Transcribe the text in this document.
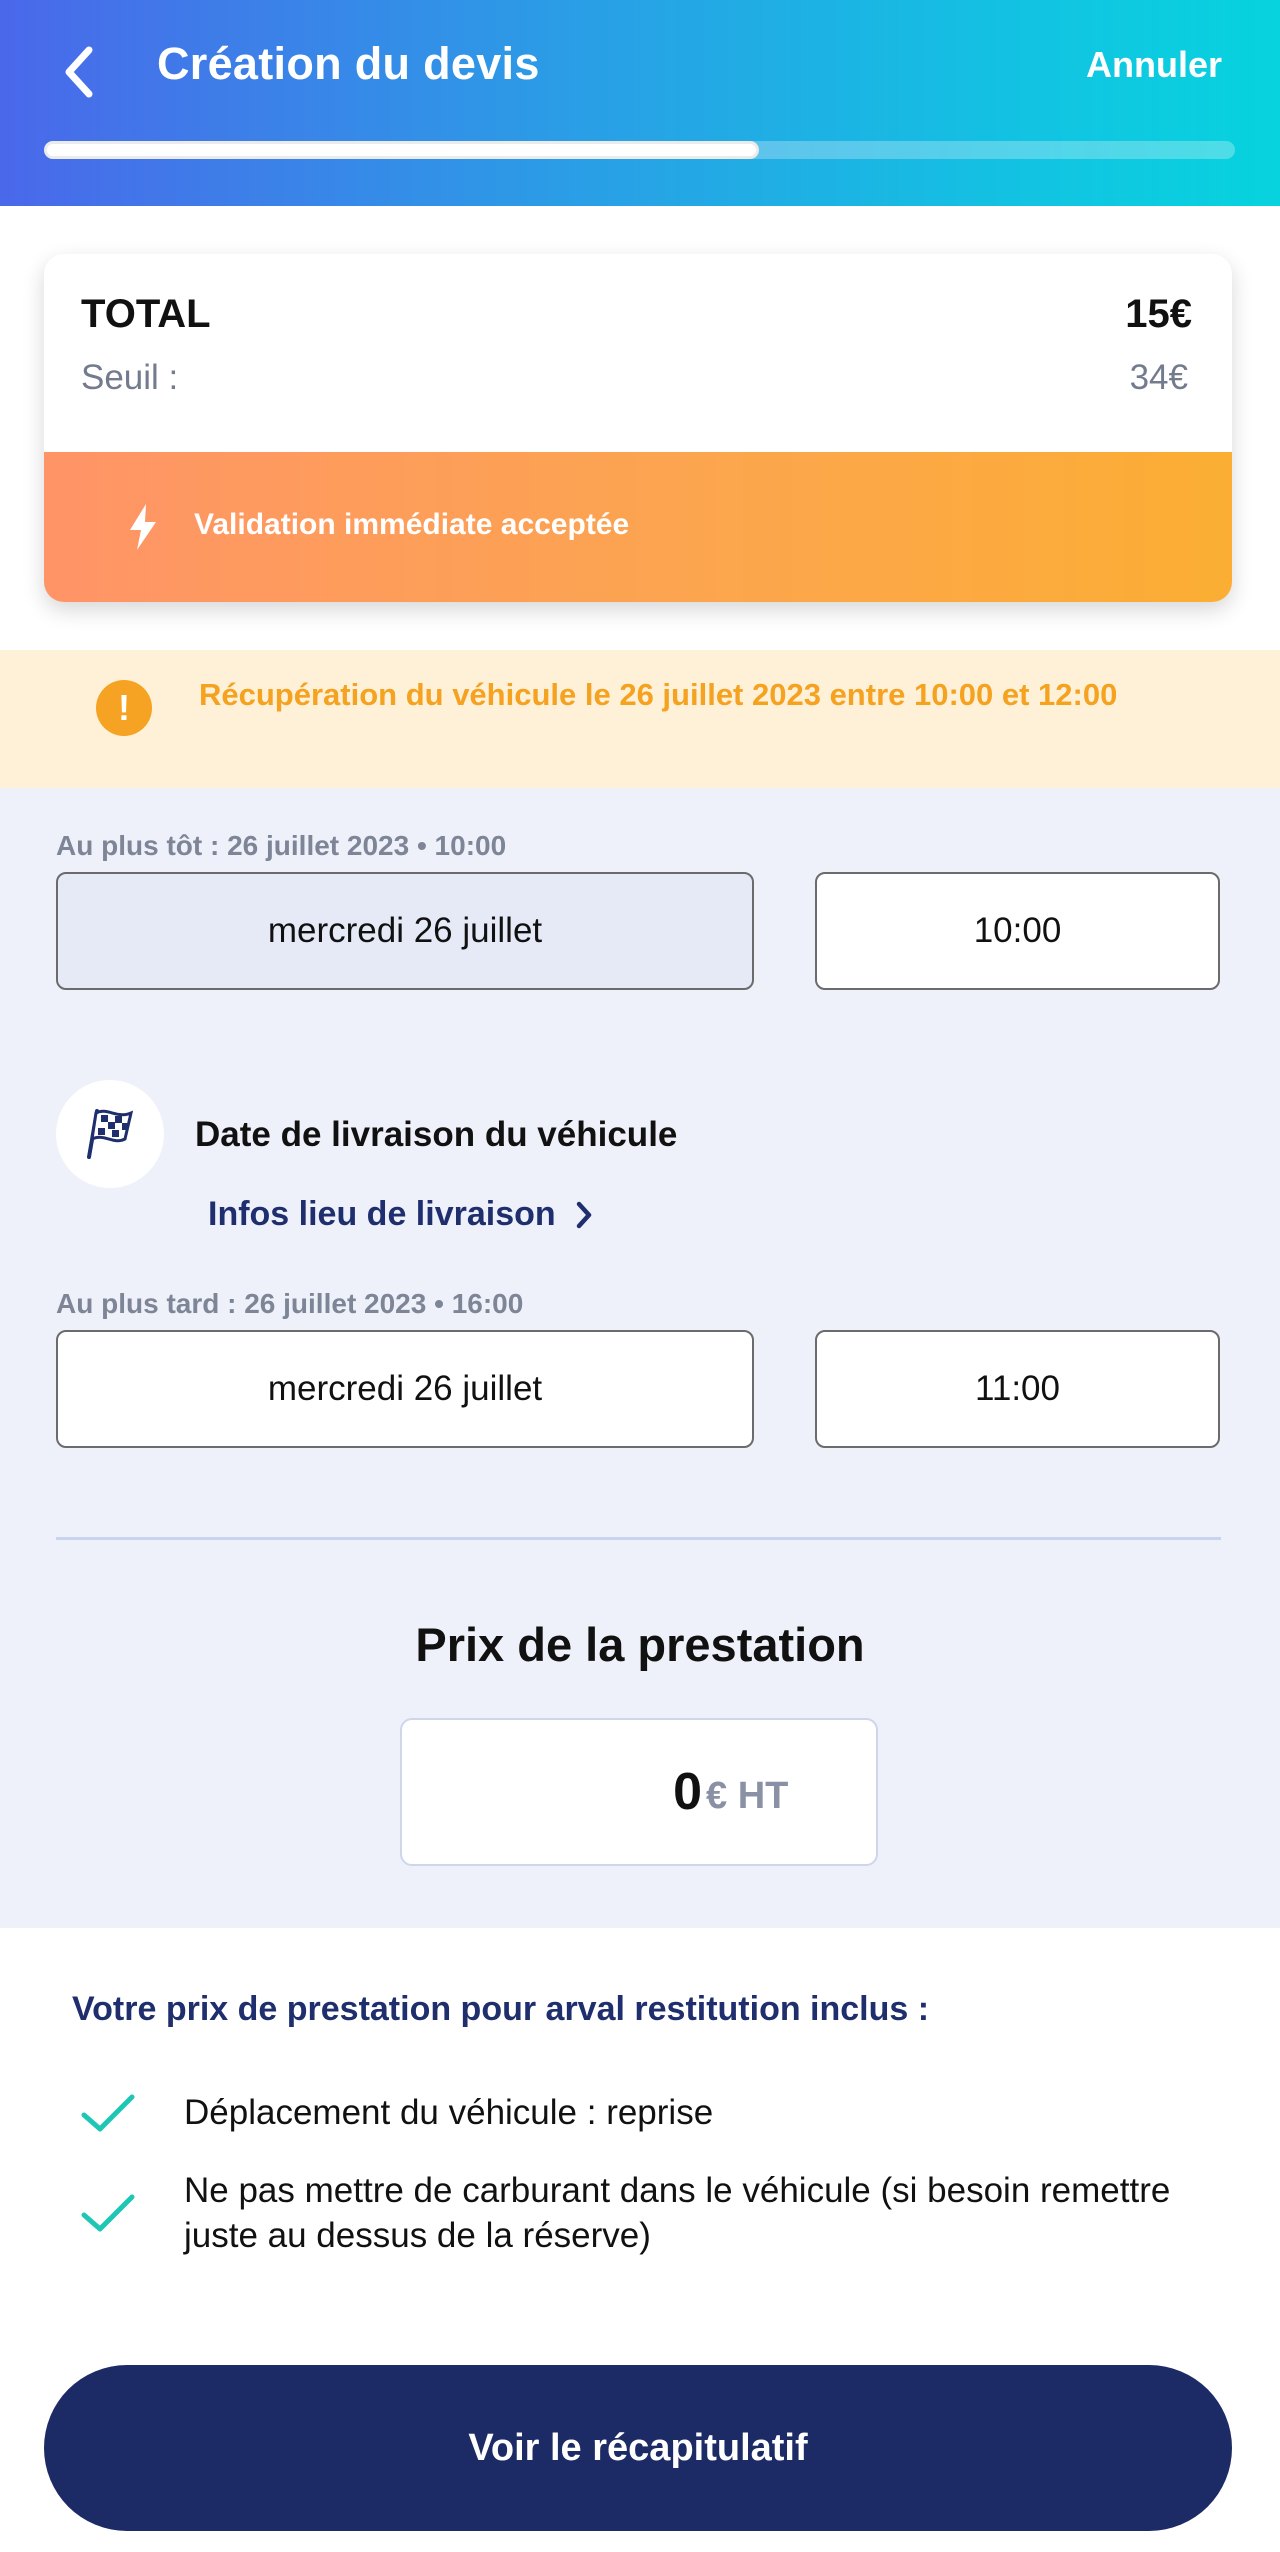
Création du devis	Annuler
TOTAL	15€
Seuil :	34€
Validation immédiate acceptée
!	Récupération du véhicule le 26 juillet 2023 entre 10:00 et 12:00
Au plus tôt : 26 juillet 2023 • 10:00
mercredi 26 juillet	10:00
Date de livraison du véhicule
Infos lieu de livraison
Au plus tard : 26 juillet 2023 • 16:00
mercredi 26 juillet	11:00
Prix de la prestation
0 € HT
Votre prix de prestation pour arval restitution inclus :
Déplacement du véhicule : reprise
Ne pas mettre de carburant dans le véhicule (si besoin remettre juste au dessus de la réserve)
Voir le récapitulatif
